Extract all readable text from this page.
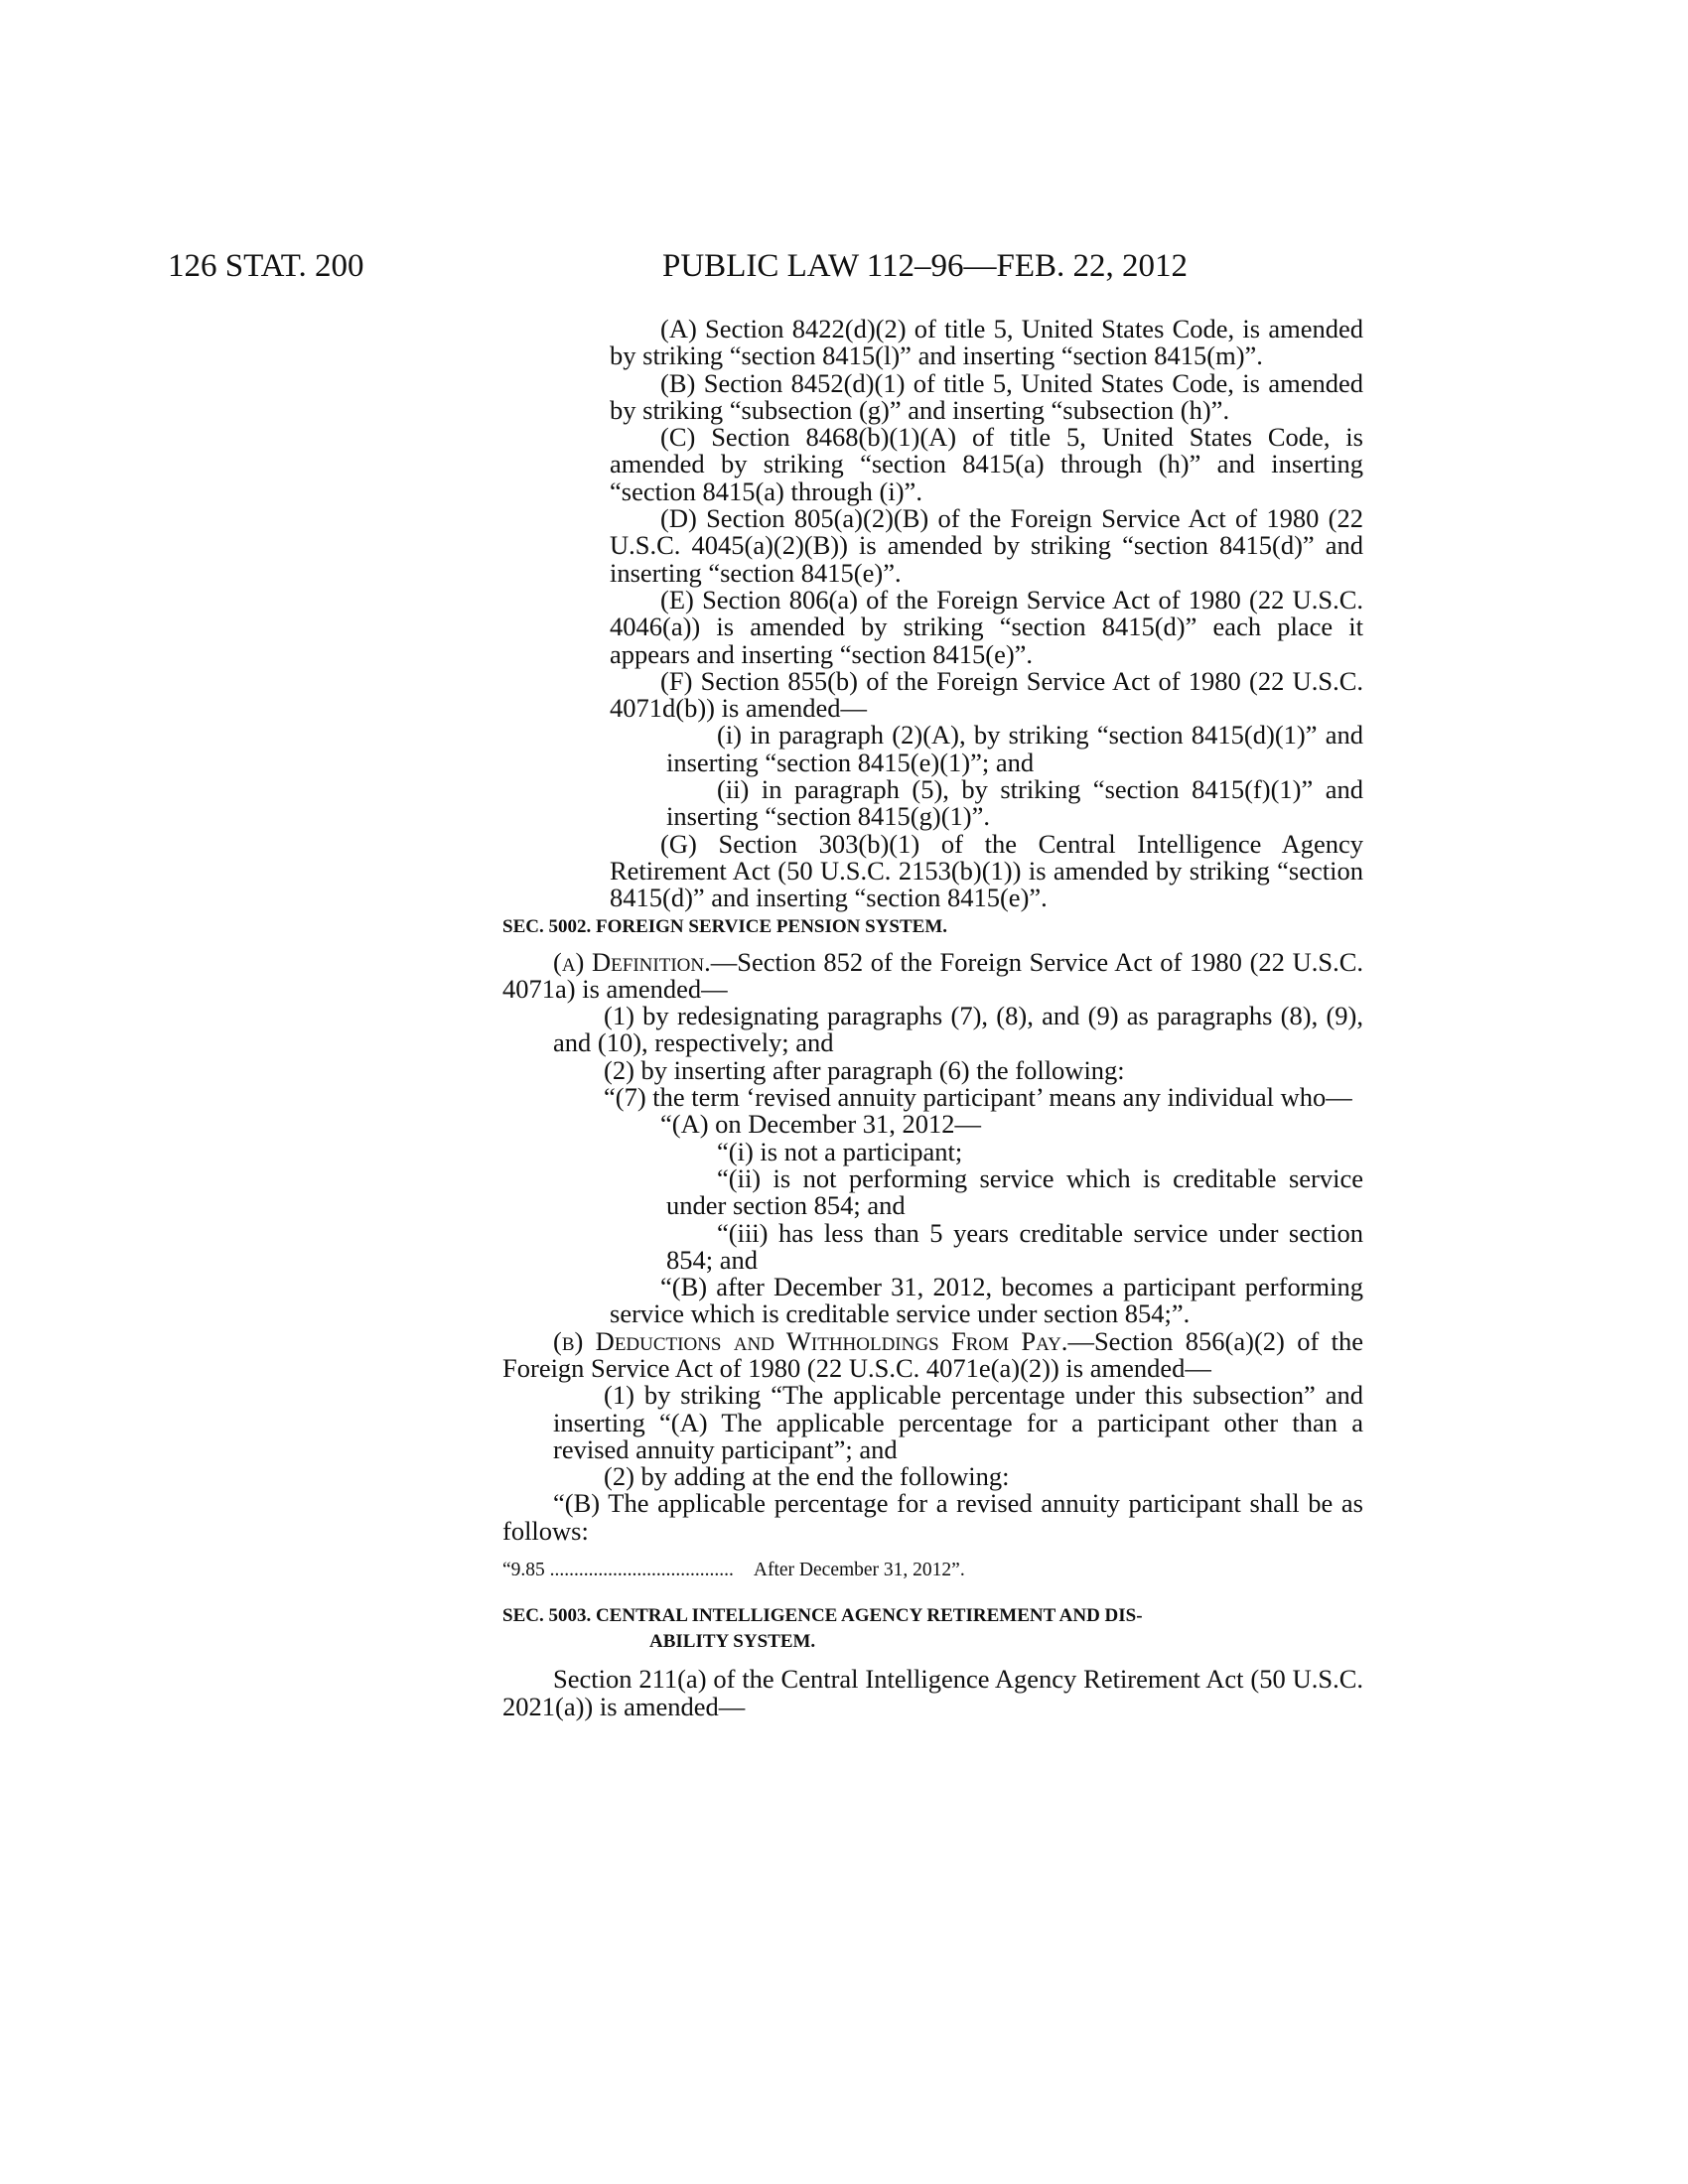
126 STAT. 200	PUBLIC LAW 112–96—FEB. 22, 2012

(A) Section 8422(d)(2) of title 5, United States Code, is amended by striking “section 8415(l)” and inserting “section 8415(m)”.

(B) Section 8452(d)(1) of title 5, United States Code, is amended by striking “subsection (g)” and inserting “subsection (h)”.

(C) Section 8468(b)(1)(A) of title 5, United States Code, is amended by striking “section 8415(a) through (h)” and inserting “section 8415(a) through (i)”.

(D) Section 805(a)(2)(B) of the Foreign Service Act of 1980 (22 U.S.C. 4045(a)(2)(B)) is amended by striking “section 8415(d)” and inserting “section 8415(e)”.

(E) Section 806(a) of the Foreign Service Act of 1980 (22 U.S.C. 4046(a)) is amended by striking “section 8415(d)” each place it appears and inserting “section 8415(e)”.

(F) Section 855(b) of the Foreign Service Act of 1980 (22 U.S.C. 4071d(b)) is amended—

(i) in paragraph (2)(A), by striking “section 8415(d)(1)” and inserting “section 8415(e)(1)”; and

(ii) in paragraph (5), by striking “section 8415(f)(1)” and inserting “section 8415(g)(1)”.

(G) Section 303(b)(1) of the Central Intelligence Agency Retirement Act (50 U.S.C. 2153(b)(1)) is amended by striking “section 8415(d)” and inserting “section 8415(e)”.

SEC. 5002. FOREIGN SERVICE PENSION SYSTEM.

(a) Definition.—Section 852 of the Foreign Service Act of 1980 (22 U.S.C. 4071a) is amended—

(1) by redesignating paragraphs (7), (8), and (9) as paragraphs (8), (9), and (10), respectively; and

(2) by inserting after paragraph (6) the following:

“(7) the term ‘revised annuity participant’ means any individual who—

“(A) on December 31, 2012—

“(i) is not a participant;

“(ii) is not performing service which is creditable service under section 854; and

“(iii) has less than 5 years creditable service under section 854; and

“(B) after December 31, 2012, becomes a participant performing service which is creditable service under section 854;”.

(b) Deductions and Withholdings From Pay.—Section 856(a)(2) of the Foreign Service Act of 1980 (22 U.S.C. 4071e(a)(2)) is amended—

(1) by striking “The applicable percentage under this subsection” and inserting “(A) The applicable percentage for a participant other than a revised annuity participant”; and

(2) by adding at the end the following:

“(B) The applicable percentage for a revised annuity participant shall be as follows:

“9.85 ...................................... After December 31, 2012”.

SEC. 5003. CENTRAL INTELLIGENCE AGENCY RETIREMENT AND DIS-
ABILITY SYSTEM.

Section 211(a) of the Central Intelligence Agency Retirement Act (50 U.S.C. 2021(a)) is amended—
